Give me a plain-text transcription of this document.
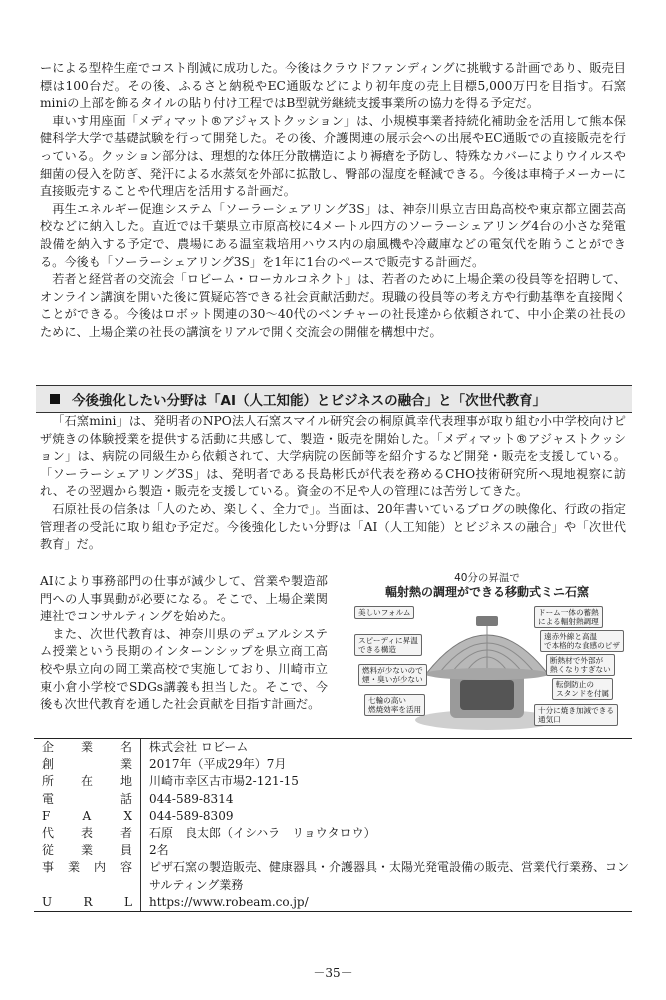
ーによる型枠生産でコスト削減に成功した。今後はクラウドファンディングに挑戦する計画であり、販売目標は100台だ。その後、ふるさと納税やEC通販などにより初年度の売上目標5,000万円を目指す。石窯miniの上部を飾るタイルの貼り付け工程ではB型就労継続支援事業所の協力を得る予定だ。

車いす用座面「メディマット®アジャストクッション」は、小規模事業者持続化補助金を活用して熊本保健科学大学で基礎試験を行って開発した。その後、介護関連の展示会への出展やEC通販での直接販売を行っている。クッション部分は、理想的な体圧分散構造により褥瘡を予防し、特殊なカバーによりウイルスや細菌の侵入を防ぎ、発汗による水蒸気を外部に拡散し、臀部の湿度を軽減できる。今後は車椅子メーカーに直接販売することや代理店を活用する計画だ。

再生エネルギー促進システム「ソーラーシェアリング3S」は、神奈川県立吉田島高校や東京都立園芸高校などに納入した。直近では千葉県立市原高校に4メートル四方のソーラーシェアリング4台の小さな発電設備を納入する予定で、農場にある温室栽培用ハウス内の扇風機や冷蔵庫などの電気代を賄うことができる。今後も「ソーラーシェアリング3S」を1年に1台のペースで販売する計画だ。

若者と経営者の交流会「ロビーム・ローカルコネクト」は、若者のために上場企業の役員等を招聘して、オンライン講演を開いた後に質疑応答できる社会貢献活動だ。現職の役員等の考え方や行動基準を直接聞くことができる。今後はロボット関連の30～40代のベンチャーの社長達から依頼されて、中小企業の社長のために、上場企業の社長の講演をリアルで開く交流会の開催を構想中だ。

今後強化したい分野は「AI（人工知能）とビジネスの融合」と「次世代教育」

「石窯mini」は、発明者のNPO法人石窯スマイル研究会の桐原眞幸代表理事が取り組む小中学校向けピザ焼きの体験授業を提供する活動に共感して、製造・販売を開始した。「メディマット®アジャストクッション」は、病院の同級生から依頼されて、大学病院の医師等を紹介するなど開発・販売を支援している。「ソーラーシェアリング3S」は、発明者である長島彬氏が代表を務めるCHO技術研究所へ現地視察に訪れ、その翌週から製造・販売を支援している。資金の不足や人の管理には苦労してきた。

石原社長の信条は「人のため、楽しく、全力で」。当面は、20年書いているブログの映像化、行政の指定管理者の受託に取り組む予定だ。今後強化したい分野は「AI（人工知能）とビジネスの融合」や「次世代教育」だ。

AIにより事務部門の仕事が減少して、営業や製造部門への人事異動が必要になる。そこで、上場企業関連社でコンサルティングを始めた。

また、次世代教育は、神奈川県のデュアルシステム授業という長期のインターンシップを県立商工高校や県立向の岡工業高校で実施しており、川崎市立東小倉小学校でSDGs講義も担当した。そこで、今後も次世代教育を通した社会貢献を目指す計画だ。

40分の昇温で
輻射熱の調理ができる移動式ミニ石窯
美しいフォルム
スピーディに昇温
できる構造
燃料が少ないので
煙・臭いが少ない
七輪の高い
燃焼効率を活用
ドーム一体の蓄熱
による輻射熱調理
遠赤外線と高温
で本格的な食感のピザ
断熱材で外部が
熱くなりすぎない
転倒防止の
スタンドを付属
十分に焼き加減できる
通気口
企 業 名	株式会社 ロビーム
創	業	2017年（平成29年）7月
所 在 地	川崎市幸区古市場2-121-15
電	話	044-589-8314
F	A	X	044-589-8309
代 表 者	石原　良太郎（イシハラ　リョウタロウ）
従 業 員	2名
事 業 内 容	ピザ石窯の製造販売、健康器具・介護器具・太陽光発電設備の販売、営業代行業務、コンサルティング業務
U	R	L	https://www.robeam.co.jp/
－35－
